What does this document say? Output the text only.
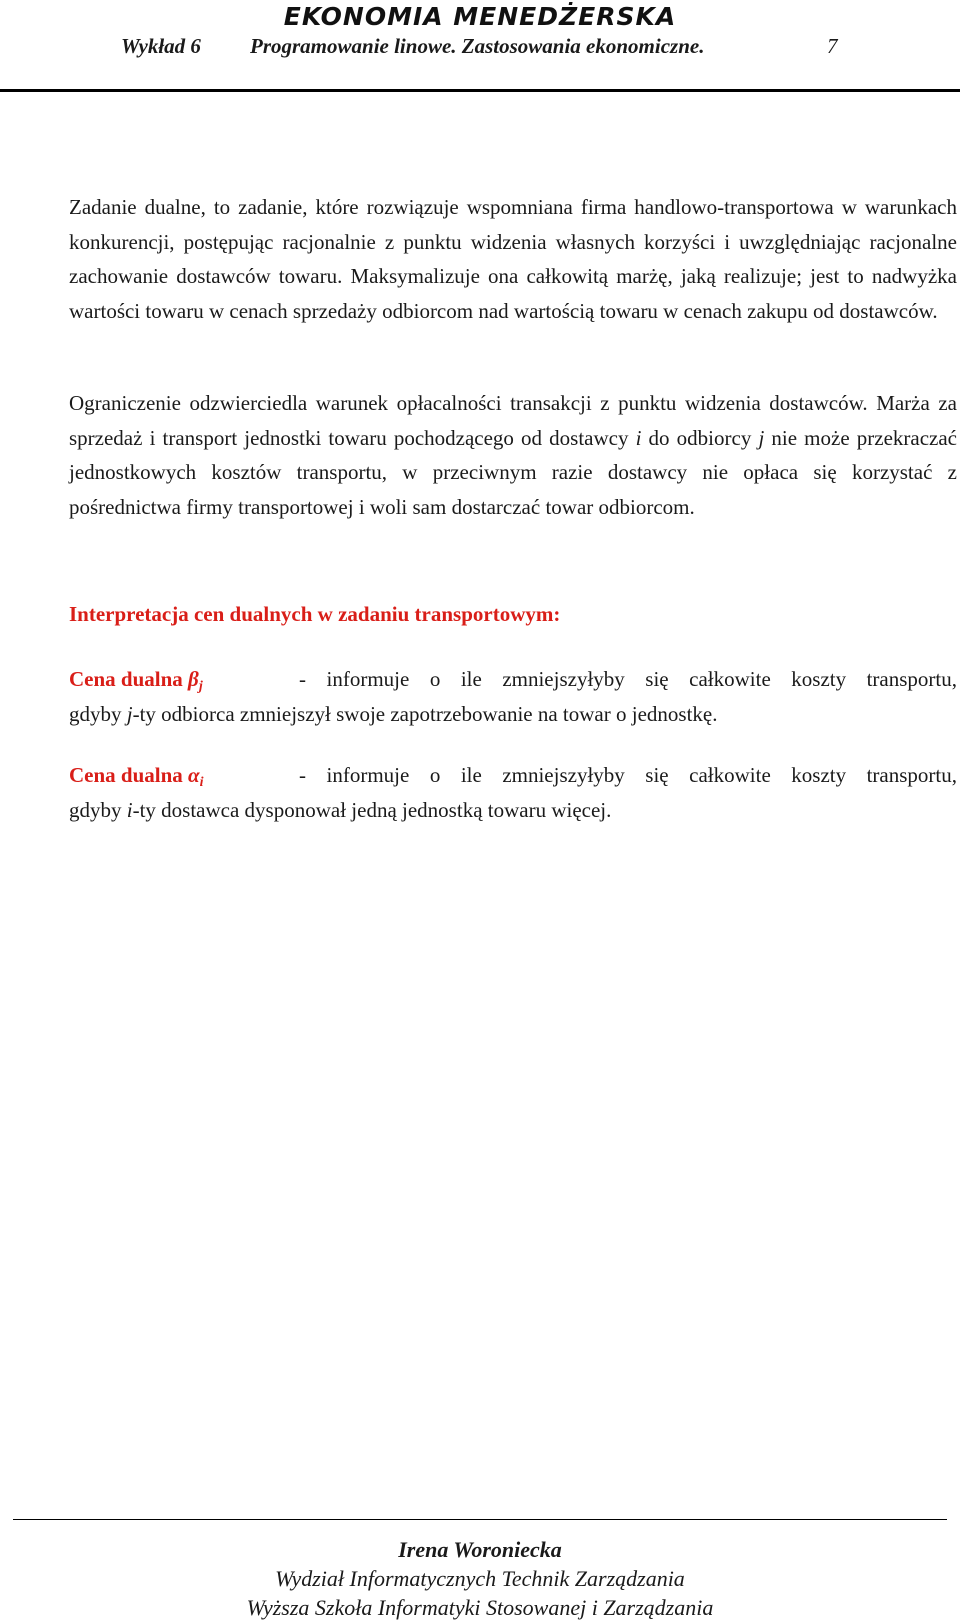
EKONOMIA MENEDŻERSKA
Wykład 6 Programowanie linowe. Zastosowania ekonomiczne.	7

Zadanie dualne, to zadanie, które rozwiązuje wspomniana firma handlowo-transportowa w warunkach konkurencji, postępując racjonalnie z punktu widzenia własnych korzyści i uwzględniając racjonalne zachowanie dostawców towaru. Maksymalizuje ona całkowitą marżę, jaką realizuje; jest to nadwyżka wartości towaru w cenach sprzedaży odbiorcom nad wartością towaru w cenach zakupu od dostawców.

Ograniczenie odzwierciedla warunek opłacalności transakcji z punktu widzenia dostawców. Marża za sprzedaż i transport jednostki towaru pochodzącego od dostawcy i do odbiorcy j nie może przekraczać jednostkowych kosztów transportu, w przeciwnym razie dostawcy nie opłaca się korzystać z pośrednictwa firmy transportowej i woli sam dostarczać towar odbiorcom.

Interpretacja cen dualnych w zadaniu transportowym:
Cena dualna $\beta_j$	- informuje o ile zmniejszyłyby się całkowite koszty transportu,
gdyby j-ty odbiorca zmniejszył swoje zapotrzebowanie na towar o jednostkę.
Cena dualna $\alpha_i$	- informuje o ile zmniejszyłyby się całkowite koszty transportu,
gdyby i-ty dostawca dysponował jedną jednostką towaru więcej.
Irena Woroniecka
Wydział Informatycznych Technik Zarządzania
Wyższa Szkoła Informatyki Stosowanej i Zarządzania
